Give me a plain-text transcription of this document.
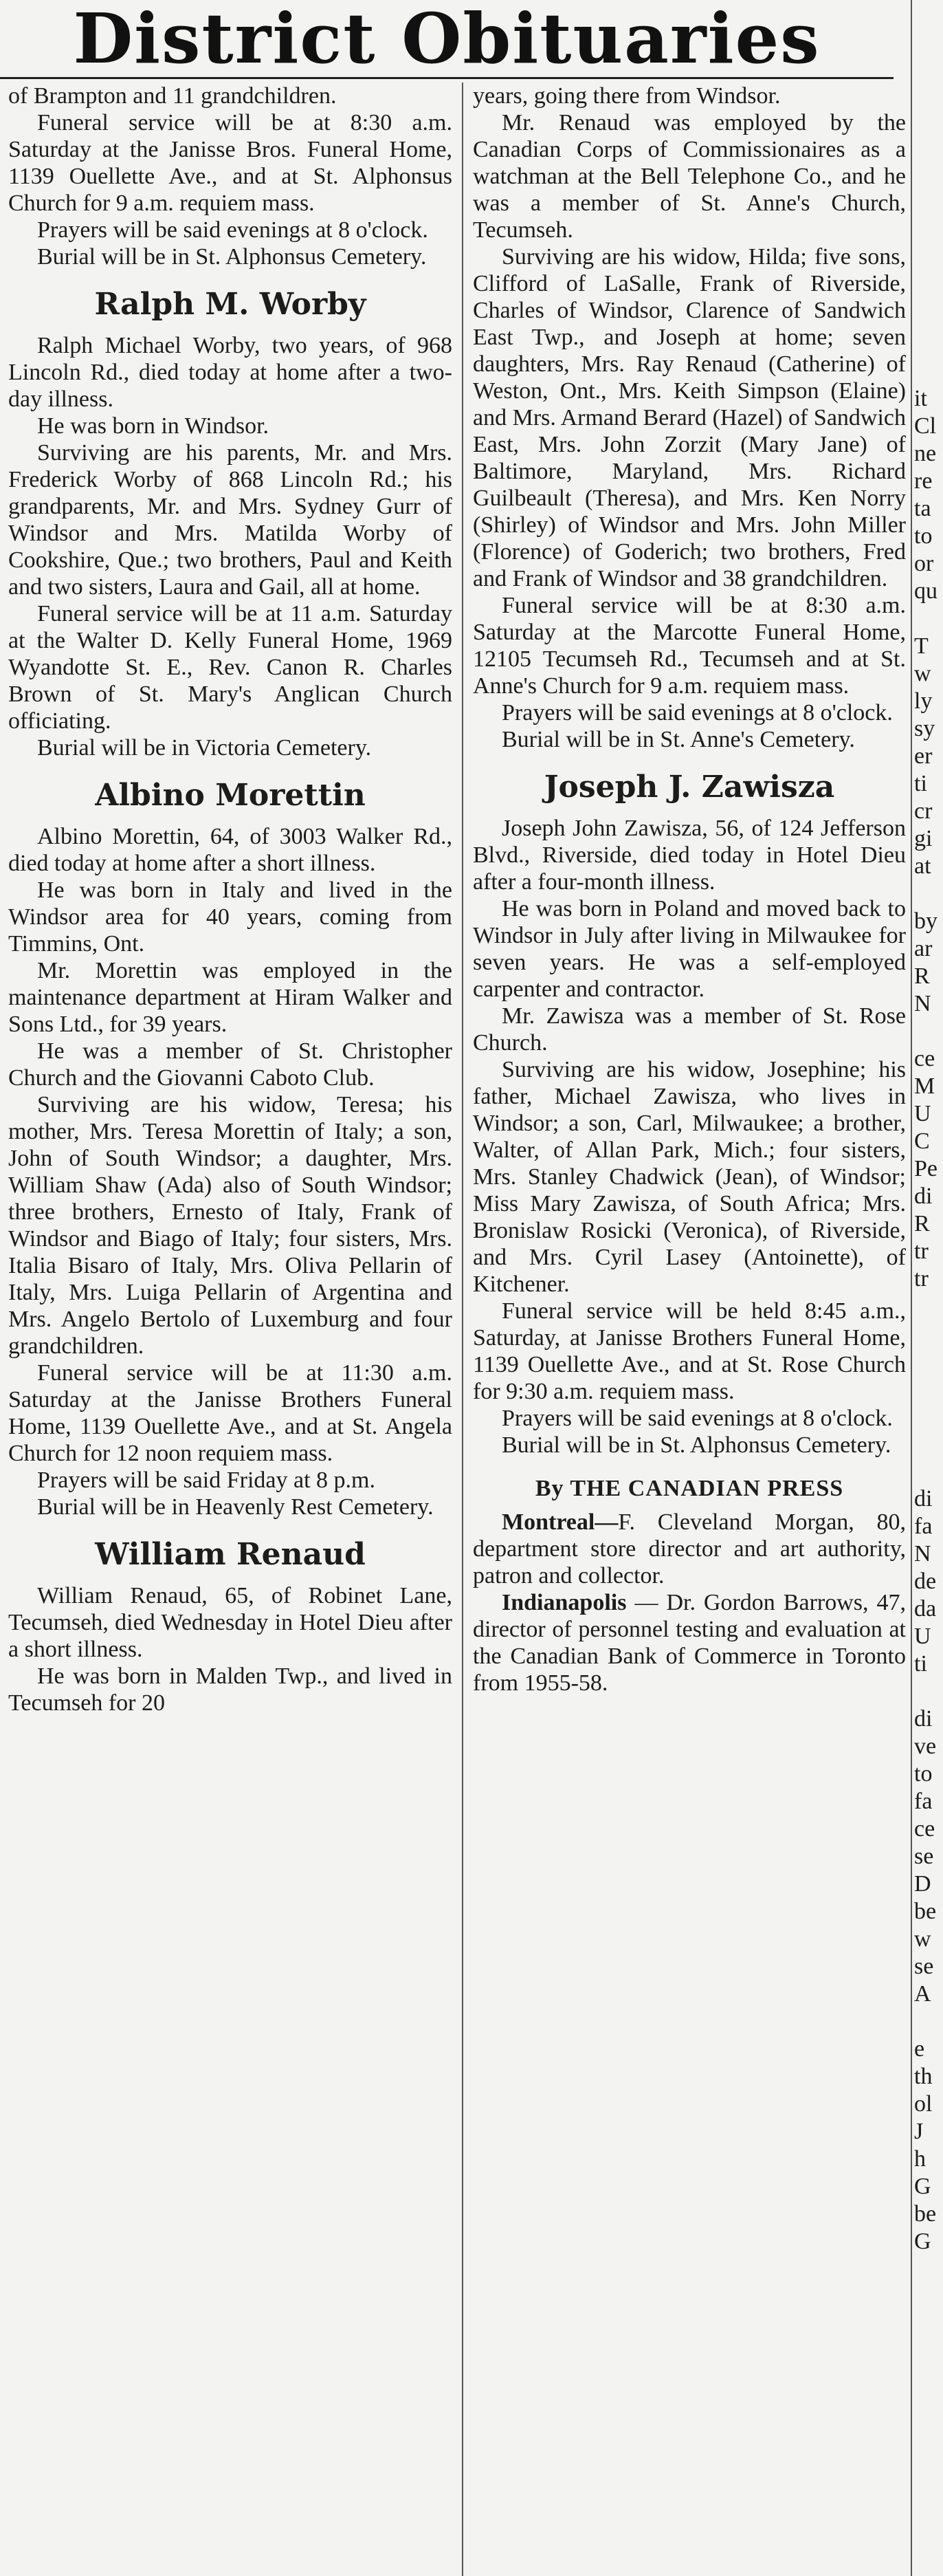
District Obituaries

of Brampton and 11 grandchildren.

Funeral service will be at 8:30 a.m. Saturday at the Janisse Bros. Funeral Home, 1139 Ouellette Ave., and at St. Alphonsus Church for 9 a.m. requiem mass.

Prayers will be said evenings at 8 o'clock.

Burial will be in St. Alphonsus Cemetery.

Ralph M. Worby

Ralph Michael Worby, two years, of 968 Lincoln Rd., died today at home after a two-day illness.

He was born in Windsor.

Surviving are his parents, Mr. and Mrs. Frederick Worby of 868 Lincoln Rd.; his grandparents, Mr. and Mrs. Sydney Gurr of Windsor and Mrs. Matilda Worby of Cookshire, Que.; two brothers, Paul and Keith and two sisters, Laura and Gail, all at home.

Funeral service will be at 11 a.m. Saturday at the Walter D. Kelly Funeral Home, 1969 Wyandotte St. E., Rev. Canon R. Charles Brown of St. Mary's Anglican Church officiating.

Burial will be in Victoria Cemetery.

Albino Morettin

Albino Morettin, 64, of 3003 Walker Rd., died today at home after a short illness.

He was born in Italy and lived in the Windsor area for 40 years, coming from Timmins, Ont.

Mr. Morettin was employed in the maintenance department at Hiram Walker and Sons Ltd., for 39 years.

He was a member of St. Christopher Church and the Giovanni Caboto Club.

Surviving are his widow, Teresa; his mother, Mrs. Teresa Morettin of Italy; a son, John of South Windsor; a daughter, Mrs. William Shaw (Ada) also of South Windsor; three brothers, Ernesto of Italy, Frank of Windsor and Biago of Italy; four sisters, Mrs. Italia Bisaro of Italy, Mrs. Oliva Pellarin of Italy, Mrs. Luiga Pellarin of Argentina and Mrs. Angelo Bertolo of Luxemburg and four grandchildren.

Funeral service will be at 11:30 a.m. Saturday at the Janisse Brothers Funeral Home, 1139 Ouellette Ave., and at St. Angela Church for 12 noon requiem mass.

Prayers will be said Friday at 8 p.m.

Burial will be in Heavenly Rest Cemetery.

William Renaud

William Renaud, 65, of Robinet Lane, Tecumseh, died Wednesday in Hotel Dieu after a short illness.

He was born in Malden Twp., and lived in Tecumseh for 20

years, going there from Windsor.

Mr. Renaud was employed by the Canadian Corps of Commissionaires as a watchman at the Bell Telephone Co., and he was a member of St. Anne's Church, Tecumseh.

Surviving are his widow, Hilda; five sons, Clifford of LaSalle, Frank of Riverside, Charles of Windsor, Clarence of Sandwich East Twp., and Joseph at home; seven daughters, Mrs. Ray Renaud (Catherine) of Weston, Ont., Mrs. Keith Simpson (Elaine) and Mrs. Armand Berard (Hazel) of Sandwich East, Mrs. John Zorzit (Mary Jane) of Baltimore, Maryland, Mrs. Richard Guilbeault (Theresa), and Mrs. Ken Norry (Shirley) of Windsor and Mrs. John Miller (Florence) of Goderich; two brothers, Fred and Frank of Windsor and 38 grandchildren.

Funeral service will be at 8:30 a.m. Saturday at the Marcotte Funeral Home, 12105 Tecumseh Rd., Tecumseh and at St. Anne's Church for 9 a.m. requiem mass.

Prayers will be said evenings at 8 o'clock.

Burial will be in St. Anne's Cemetery.

Joseph J. Zawisza

Joseph John Zawisza, 56, of 124 Jefferson Blvd., Riverside, died today in Hotel Dieu after a four-month illness.

He was born in Poland and moved back to Windsor in July after living in Milwaukee for seven years. He was a self-employed carpenter and contractor.

Mr. Zawisza was a member of St. Rose Church.

Surviving are his widow, Josephine; his father, Michael Zawisza, who lives in Windsor; a son, Carl, Milwaukee; a brother, Walter, of Allan Park, Mich.; four sisters, Mrs. Stanley Chadwick (Jean), of Windsor; Miss Mary Zawisza, of South Africa; Mrs. Bronislaw Rosicki (Veronica), of Riverside, and Mrs. Cyril Lasey (Antoinette), of Kitchener.

Funeral service will be held 8:45 a.m., Saturday, at Janisse Brothers Funeral Home, 1139 Ouellette Ave., and at St. Rose Church for 9:30 a.m. requiem mass.

Prayers will be said evenings at 8 o'clock.

Burial will be in St. Alphonsus Cemetery.

By THE CANADIAN PRESS

Montreal—F. Cleveland Morgan, 80, department store director and art authority, patron and collector.

Indianapolis — Dr. Gordon Barrows, 47, director of personnel testing and evaluation at the Canadian Bank of Commerce in Toronto from 1955-58.

it
Cl
ne
re
ta
to
or
qu
T
w
ly
sy
er
ti
cr
gi
at
by
ar
R
N
ce
M
U
C
Pe
di
R
tr
tr
di
fa
N
de
da
U
ti
di
ve
to
fa
ce
se
D
be
w
se
A
e
th
ol
J
h
G
be
G
